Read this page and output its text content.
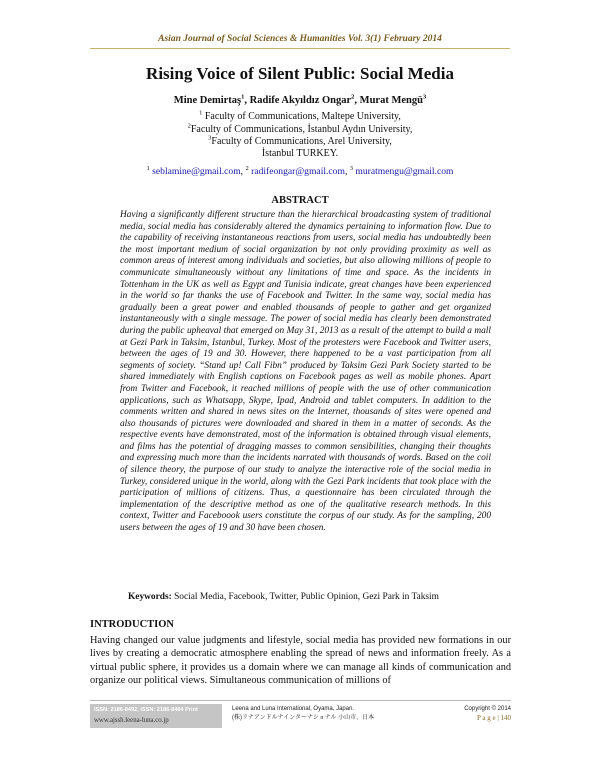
Asian Journal of Social Sciences & Humanities Vol. 3(1) February 2014
Rising Voice of Silent Public: Social Media
Mine Demirtaş$^1$, Radife Akyıldız Ongar$^2$, Murat Mengü$^3$
$^1$ Faculty of Communications, Maltepe University,
$^2$Faculty of Communications, İstanbul Aydın University,
$^3$Faculty of Communications, Arel University,
İstanbul TURKEY.
$^1$ seblamine@gmail.com, $^2$ radifeongar@gmail.com, $^3$ muratmengu@gmail.com
ABSTRACT

Having a significantly different structure than the hierarchical broadcasting system of traditional media, social media has considerably altered the dynamics pertaining to information flow. Due to the capability of receiving instantaneous reactions from users, social media has undoubtedly been the most important medium of social organization by not only providing proximity as well as common areas of interest among individuals and societies, but also allowing millions of people to communicate simultaneously without any limitations of time and space. As the incidents in Tottenham in the UK as well as Egypt and Tunisia indicate, great changes have been experienced in the world so far thanks the use of Facebook and Twitter. In the same way, social media has gradually been a great power and enabled thousands of people to gather and get organized instantaneously with a single message. The power of social media has clearly been demonstrated during the public upheaval that emerged on May 31, 2013 as a result of the attempt to build a mall at Gezi Park in Taksim, Istanbul, Turkey. Most of the protesters were Facebook and Twitter users, between the ages of 19 and 30. However, there happened to be a vast participation from all segments of society. “Stand up! Call Fibn” produced by Taksim Gezi Park Society started to be shared immediately with English captions on Facebook pages as well as mobile phones. Apart from Twitter and Facebook, it reached millions of people with the use of other communication applications, such as Whatsapp, Skype, Ipad, Android and tablet computers. In addition to the comments written and shared in news sites on the Internet, thousands of sites were opened and also thousands of pictures were downloaded and shared in them in a matter of seconds. As the respective events have demonstrated, most of the information is obtained through visual elements, and films has the potential of dragging masses to common sensibilities, changing their thoughts and expressing much more than the incidents narrated with thousands of words. Based on the coil of silence theory, the purpose of our study to analyze the interactive role of the social media in Turkey, considered unique in the world, along with the Gezi Park incidents that took place with the participation of millions of citizens. Thus, a questionnaire has been circulated through the implementation of the descriptive method as one of the qualitative research methods. In this context, Twitter and Faceboook users constitute the corpus of our study. As for the sampling, 200 users between the ages of 19 and 30 have been chosen.

Keywords: Social Media, Facebook, Twitter, Public Opinion, Gezi Park in Taksim
INTRODUCTION

Having changed our value judgments and lifestyle, social media has provided new formations in our lives by creating a democratic atmosphere enabling the spread of news and information freely. As a virtual public sphere, it provides us a domain where we can manage all kinds of communication and organize our political views. Simultaneous communication of millions of

ISSN: 2186-8492, ISSN: 2186-8484 Print
www.ajssh.leena-luna.co.jp
Leena and Luna International, Oyama, Japan.
(株)リナアンドルナインターナショナル 小山市、日本
Copyright © 2014
P a g e | 140
